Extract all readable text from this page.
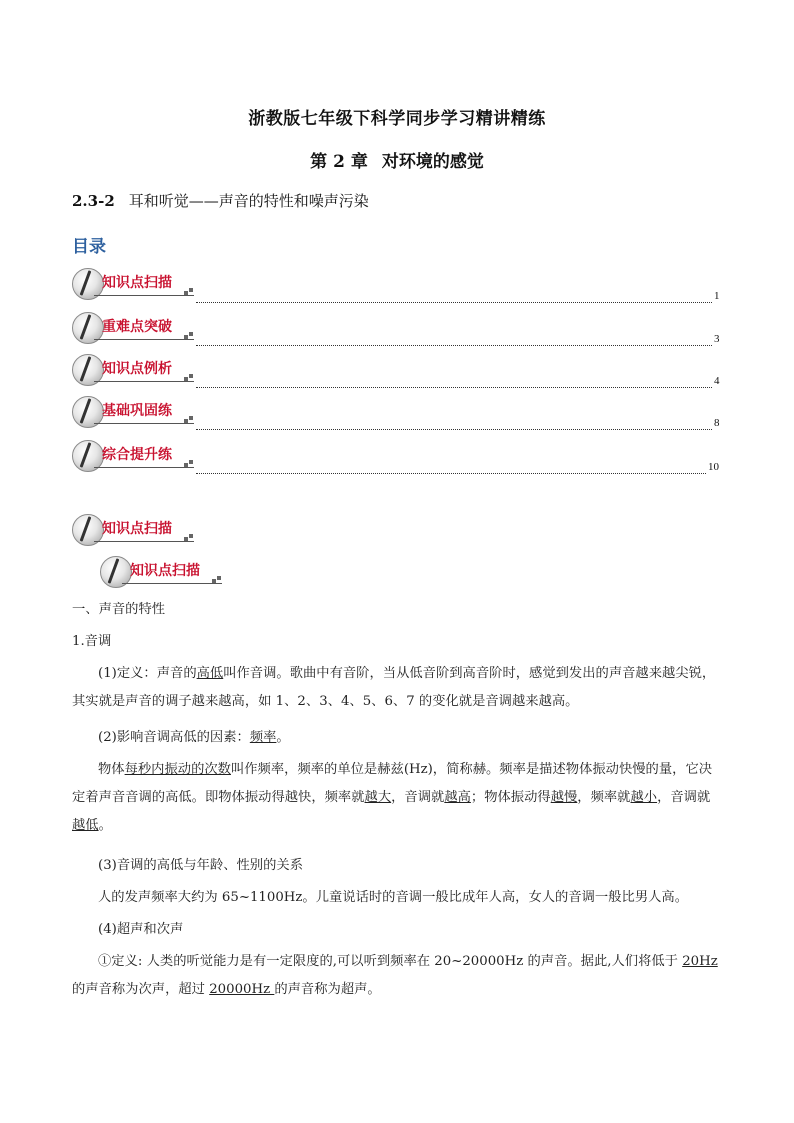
浙教版七年级下科学同步学习精讲精练
第 2 章 对环境的感觉
2.3-2 耳和听觉——声音的特性和噪声污染
目录
知识点扫描
1
重难点突破
3
知识点例析
4
基础巩固练
8
综合提升练
10
知识点扫描
知识点扫描
一、声音的特性
1.音调
(1)定义：声音的高低叫作音调。歌曲中有音阶，当从低音阶到高音阶时，感觉到发出的声音越来越尖锐，其实就是声音的调子越来越高，如 1、2、3、4、5、6、7 的变化就是音调越来越高。
(2)影响音调高低的因素：频率。
物体每秒内振动的次数叫作频率，频率的单位是赫兹(Hz)，简称赫。频率是描述物体振动快慢的量，它决定着声音音调的高低。即物体振动得越快，频率就越大，音调就越高；物体振动得越慢，频率就越小，音调就越低。
(3)音调的高低与年龄、性别的关系
人的发声频率大约为 65~1100Hz。儿童说话时的音调一般比成年人高，女人的音调一般比男人高。
(4)超声和次声
①定义: 人类的听觉能力是有一定限度的,可以听到频率在 20~20000Hz 的声音。据此,人们将低于 20Hz 的声音称为次声，超过 20000Hz 的声音称为超声。
